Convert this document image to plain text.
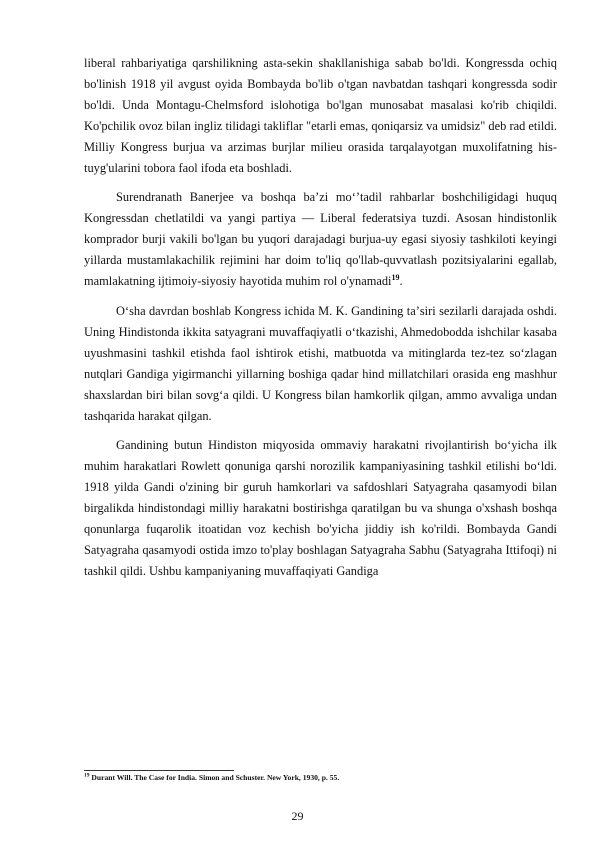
liberal rahbariyatiga qarshilikning asta-sekin shakllanishiga sabab bo'ldi. Kongressda ochiq bo'linish 1918 yil avgust oyida Bombayda bo'lib o'tgan navbatdan tashqari kongressda sodir bo'ldi. Unda Montagu-Chelmsford islohotiga bo'lgan munosabat masalasi ko'rib chiqildi. Ko'pchilik ovoz bilan ingliz tilidagi takliflar "etarli emas, qoniqarsiz va umidsiz" deb rad etildi. Milliy Kongress burjua va arzimas burjlar milieu orasida tarqalayotgan muxolifatning his-tuyg'ularini tobora faol ifoda eta boshladi.

Surendranath Banerjee va boshqa baʼzi moʻʼtadil rahbarlar boshchiligidagi huquq Kongressdan chetlatildi va yangi partiya — Liberal federatsiya tuzdi. Asosan hindistonlik komprador burji vakili bo'lgan bu yuqori darajadagi burjua-uy egasi siyosiy tashkiloti keyingi yillarda mustamlakachilik rejimini har doim to'liq qo'llab-quvvatlash pozitsiyalarini egallab, mamlakatning ijtimoiy-siyosiy hayotida muhim rol o'ynamadi$^{19}$.

Oʻsha davrdan boshlab Kongress ichida M. K. Gandining taʼsiri sezilarli darajada oshdi. Uning Hindistonda ikkita satyagrani muvaffaqiyatli oʻtkazishi, Ahmedobodda ishchilar kasaba uyushmasini tashkil etishda faol ishtirok etishi, matbuotda va mitinglarda tez-tez soʻzlagan nutqlari Gandiga yigirmanchi yillarning boshiga qadar hind millatchilari orasida eng mashhur shaxslardan biri bilan sovgʻa qildi. U Kongress bilan hamkorlik qilgan, ammo avvaliga undan tashqarida harakat qilgan.

Gandining butun Hindiston miqyosida ommaviy harakatni rivojlantirish boʻyicha ilk muhim harakatlari Rowlett qonuniga qarshi norozilik kampaniyasining tashkil etilishi boʻldi. 1918 yilda Gandi o'zining bir guruh hamkorlari va safdoshlari Satyagraha qasamyodi bilan birgalikda hindistondagi milliy harakatni bostirishga qaratilgan bu va shunga o'xshash boshqa qonunlarga fuqarolik itoatidan voz kechish bo'yicha jiddiy ish ko'rildi. Bombayda Gandi Satyagraha qasamyodi ostida imzo to'play boshlagan Satyagraha Sabhu (Satyagraha Ittifoqi) ni tashkil qildi. Ushbu kampaniyaning muvaffaqiyati Gandiga

$^{19}$ Durant Will. The Case for India. Simon and Schuster. New York, 1930, p. 55.
29
